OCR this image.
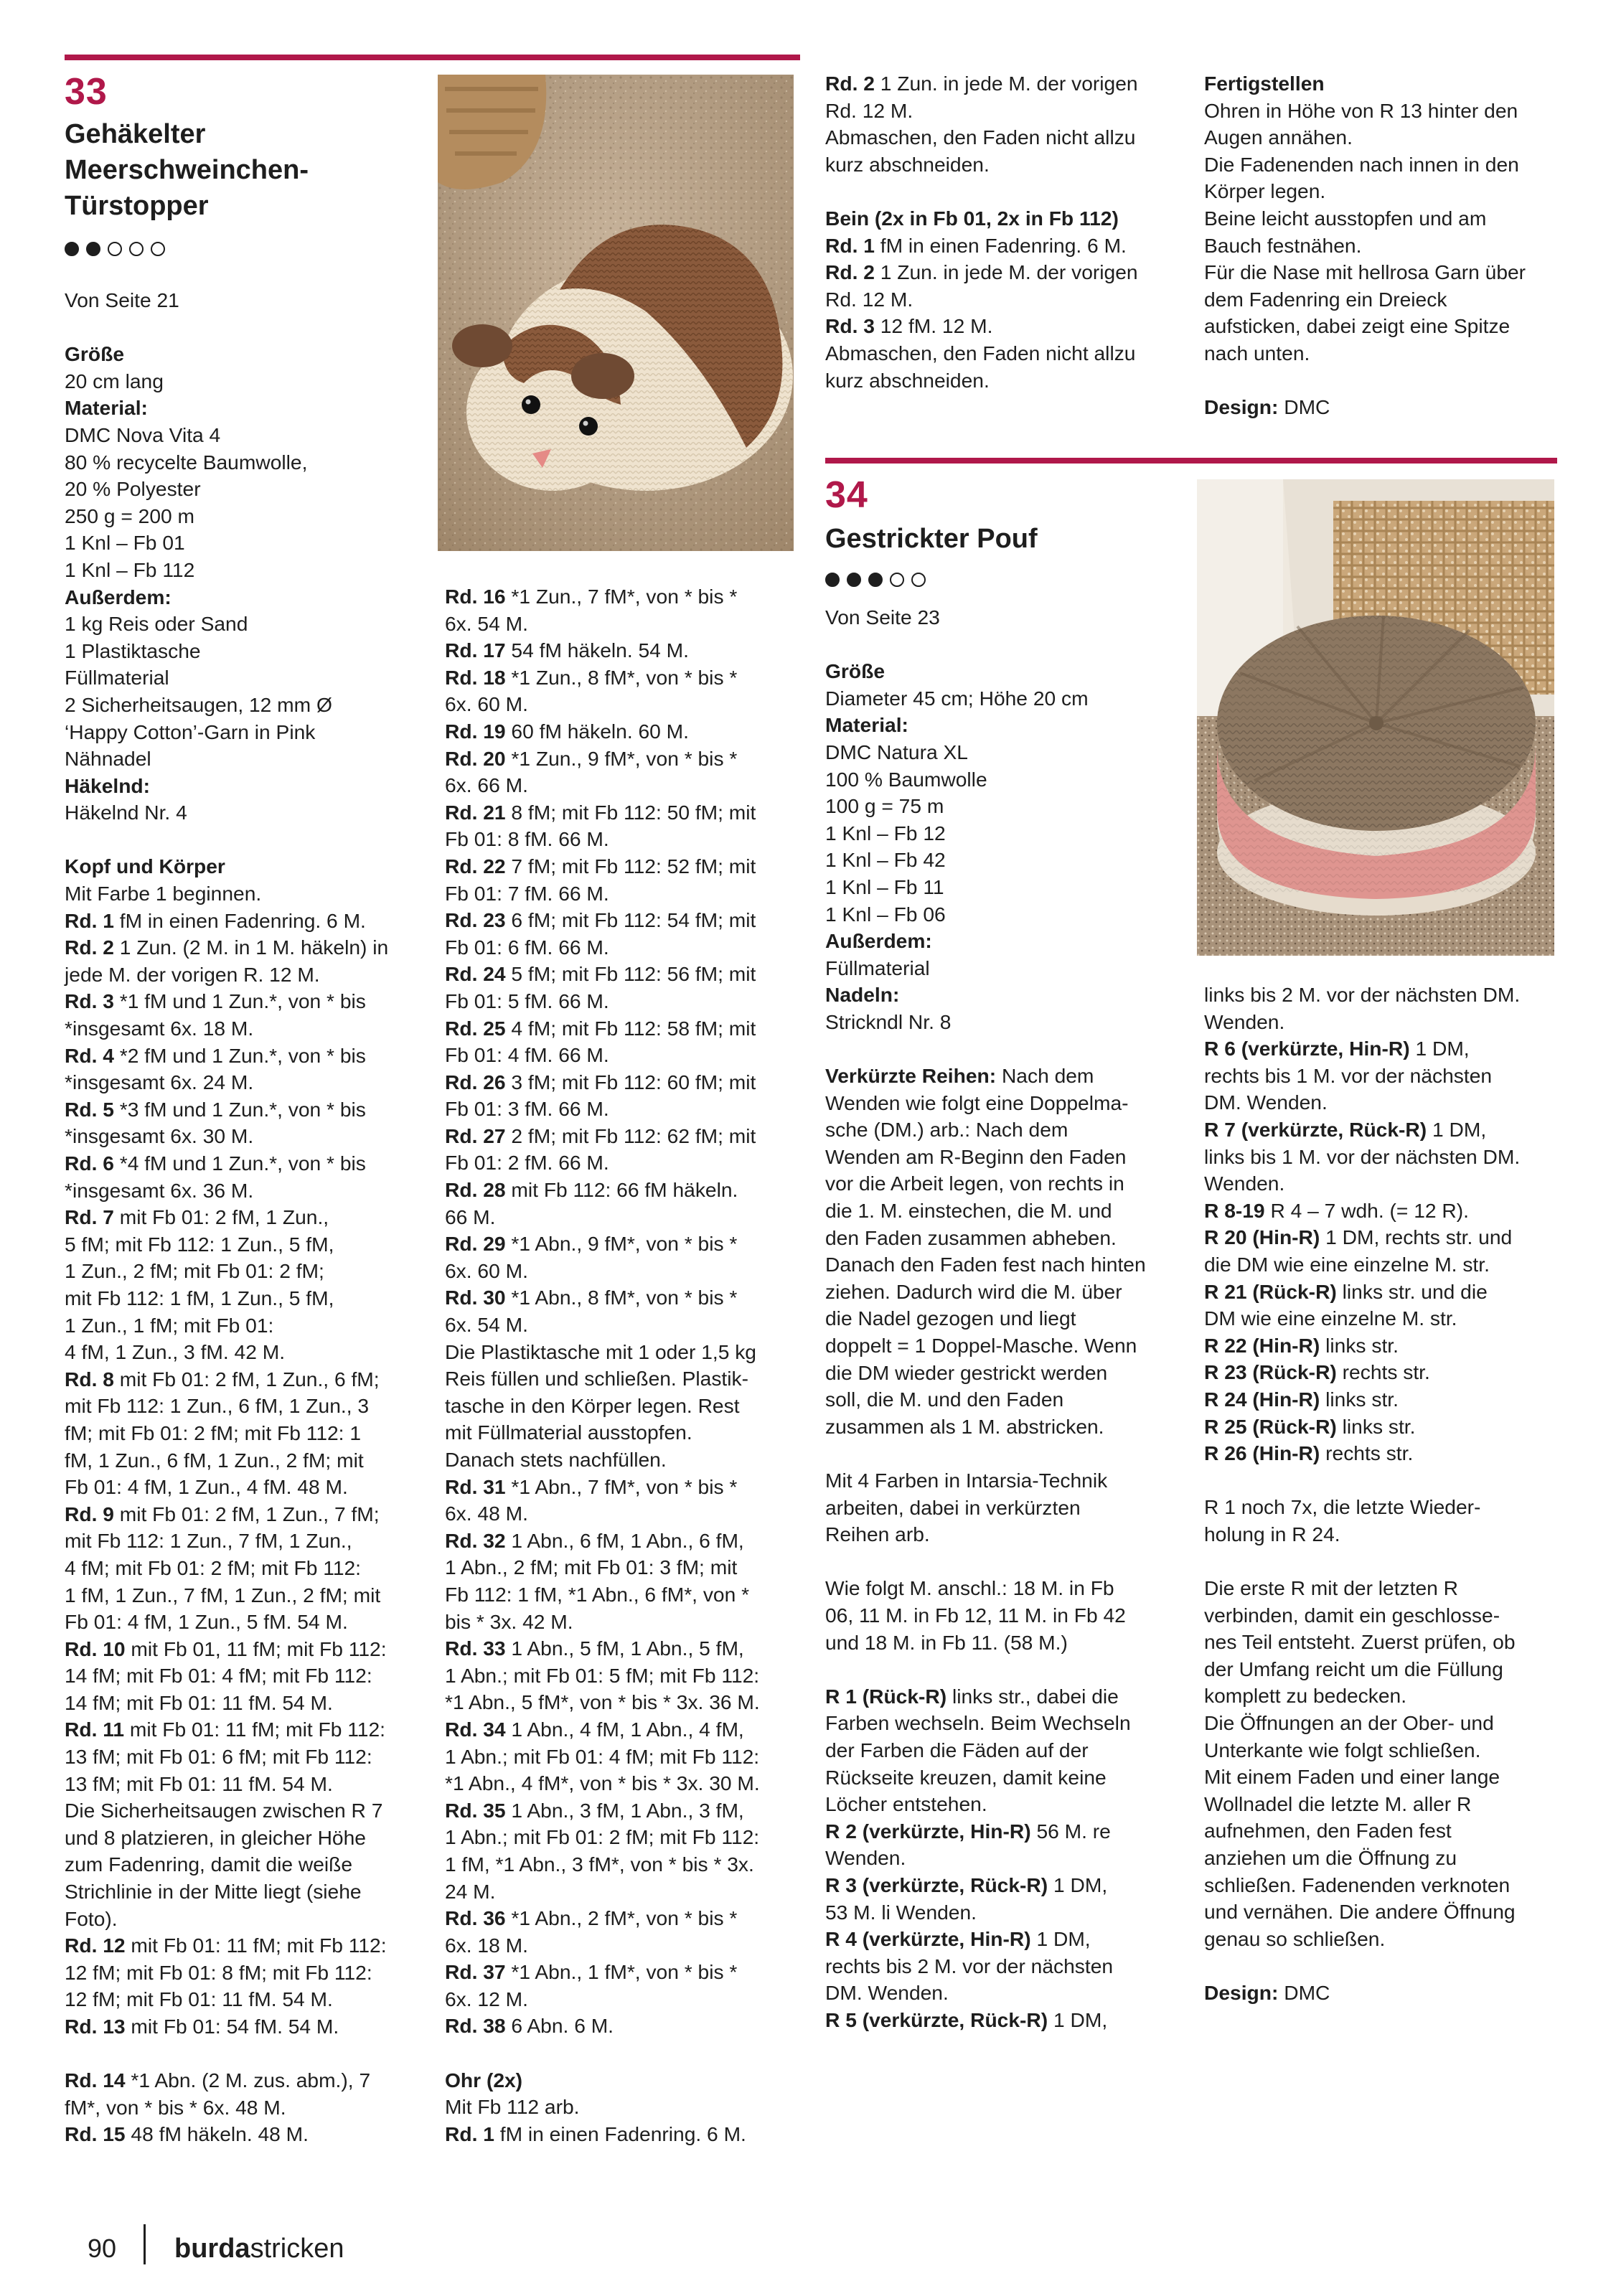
33
Gehäkelter
Meerschweinchen-
Türstopper

Von Seite 21

Größe

20 cm lang

Material:

DMC Nova Vita 4

80 % recycelte Baumwolle,

20 % Polyester

250 g = 200 m

1 Knl – Fb 01

1 Knl – Fb 112

Außerdem:

1 kg Reis oder Sand

1 Plastiktasche

Füllmaterial

2 Sicherheitsaugen, 12 mm Ø

‘Happy Cotton’-Garn in Pink

Nähnadel

Häkelnd:

Häkelnd Nr. 4

Kopf und Körper

Mit Farbe 1 beginnen.

Rd. 1 fM in einen Fadenring. 6 M.

Rd. 2 1 Zun. (2 M. in 1 M. häkeln) in

jede M. der vorigen R. 12 M.

Rd. 3 *1 fM und 1 Zun.*, von * bis

*insgesamt 6x. 18 M.

Rd. 4 *2 fM und 1 Zun.*, von * bis

*insgesamt 6x. 24 M.

Rd. 5 *3 fM und 1 Zun.*, von * bis

*insgesamt 6x. 30 M.

Rd. 6 *4 fM und 1 Zun.*, von * bis

*insgesamt 6x. 36 M.

Rd. 7 mit Fb 01: 2 fM, 1 Zun.,

5 fM; mit Fb 112: 1 Zun., 5 fM,

1 Zun., 2 fM; mit Fb 01: 2 fM;

mit Fb 112: 1 fM, 1 Zun., 5 fM,

1 Zun., 1 fM; mit Fb 01:

4 fM, 1 Zun., 3 fM. 42 M.

Rd. 8 mit Fb 01: 2 fM, 1 Zun., 6 fM;

mit Fb 112: 1 Zun., 6 fM, 1 Zun., 3

fM; mit Fb 01: 2 fM; mit Fb 112: 1

fM, 1 Zun., 6 fM, 1 Zun., 2 fM; mit

Fb 01: 4 fM, 1 Zun., 4 fM. 48 M.

Rd. 9 mit Fb 01: 2 fM, 1 Zun., 7 fM;

mit Fb 112: 1 Zun., 7 fM, 1 Zun.,

4 fM; mit Fb 01: 2 fM; mit Fb 112:

1 fM, 1 Zun., 7 fM, 1 Zun., 2 fM; mit

Fb 01: 4 fM, 1 Zun., 5 fM. 54 M.

Rd. 10 mit Fb 01, 11 fM; mit Fb 112:

14 fM; mit Fb 01: 4 fM; mit Fb 112:

14 fM; mit Fb 01: 11 fM. 54 M.

Rd. 11 mit Fb 01: 11 fM; mit Fb 112:

13 fM; mit Fb 01: 6 fM; mit Fb 112:

13 fM; mit Fb 01: 11 fM. 54 M.

Die Sicherheitsaugen zwischen R 7

und 8 platzieren, in gleicher Höhe

zum Fadenring, damit die weiße

Strichlinie in der Mitte liegt (siehe

Foto).

Rd. 12 mit Fb 01: 11 fM; mit Fb 112:

12 fM; mit Fb 01: 8 fM; mit Fb 112:

12 fM; mit Fb 01: 11 fM. 54 M.

Rd. 13 mit Fb 01: 54 fM. 54 M.

Rd. 14 *1 Abn. (2 M. zus. abm.), 7

fM*, von * bis * 6x. 48 M.

Rd. 15 48 fM häkeln. 48 M.

Rd. 16 *1 Zun., 7 fM*, von * bis *

6x. 54 M.

Rd. 17 54 fM häkeln. 54 M.

Rd. 18 *1 Zun., 8 fM*, von * bis *

6x. 60 M.

Rd. 19 60 fM häkeln. 60 M.

Rd. 20 *1 Zun., 9 fM*, von * bis *

6x. 66 M.

Rd. 21 8 fM; mit Fb 112: 50 fM; mit

Fb 01: 8 fM. 66 M.

Rd. 22 7 fM; mit Fb 112: 52 fM; mit

Fb 01: 7 fM. 66 M.

Rd. 23 6 fM; mit Fb 112: 54 fM; mit

Fb 01: 6 fM. 66 M.

Rd. 24 5 fM; mit Fb 112: 56 fM; mit

Fb 01: 5 fM. 66 M.

Rd. 25 4 fM; mit Fb 112: 58 fM; mit

Fb 01: 4 fM. 66 M.

Rd. 26 3 fM; mit Fb 112: 60 fM; mit

Fb 01: 3 fM. 66 M.

Rd. 27 2 fM; mit Fb 112: 62 fM; mit

Fb 01: 2 fM. 66 M.

Rd. 28 mit Fb 112: 66 fM häkeln.

66 M.

Rd. 29 *1 Abn., 9 fM*, von * bis *

6x. 60 M.

Rd. 30 *1 Abn., 8 fM*, von * bis *

6x. 54 M.

Die Plastiktasche mit 1 oder 1,5 kg

Reis füllen und schließen. Plastik-

tasche in den Körper legen. Rest

mit Füllmaterial ausstopfen.

Danach stets nachfüllen.

Rd. 31 *1 Abn., 7 fM*, von * bis *

6x. 48 M.

Rd. 32 1 Abn., 6 fM, 1 Abn., 6 fM,

1 Abn., 2 fM; mit Fb 01: 3 fM; mit

Fb 112: 1 fM, *1 Abn., 6 fM*, von *

bis * 3x. 42 M.

Rd. 33 1 Abn., 5 fM, 1 Abn., 5 fM,

1 Abn.; mit Fb 01: 5 fM; mit Fb 112:

*1 Abn., 5 fM*, von * bis * 3x. 36 M.

Rd. 34 1 Abn., 4 fM, 1 Abn., 4 fM,

1 Abn.; mit Fb 01: 4 fM; mit Fb 112:

*1 Abn., 4 fM*, von * bis * 3x. 30 M.

Rd. 35 1 Abn., 3 fM, 1 Abn., 3 fM,

1 Abn.; mit Fb 01: 2 fM; mit Fb 112:

1 fM, *1 Abn., 3 fM*, von * bis * 3x.

24 M.

Rd. 36 *1 Abn., 2 fM*, von * bis *

6x. 18 M.

Rd. 37 *1 Abn., 1 fM*, von * bis *

6x. 12 M.

Rd. 38 6 Abn. 6 M.

Ohr (2x)

Mit Fb 112 arb.

Rd. 1 fM in einen Fadenring. 6 M.

Rd. 2 1 Zun. in jede M. der vorigen

Rd. 12 M.

Abmaschen, den Faden nicht allzu

kurz abschneiden.

Bein (2x in Fb 01, 2x in Fb 112)

Rd. 1 fM in einen Fadenring. 6 M.

Rd. 2 1 Zun. in jede M. der vorigen

Rd. 12 M.

Rd. 3 12 fM. 12 M.

Abmaschen, den Faden nicht allzu

kurz abschneiden.

Fertigstellen

Ohren in Höhe von R 13 hinter den

Augen annähen.

Die Fadenenden nach innen in den

Körper legen.

Beine leicht ausstopfen und am

Bauch festnähen.

Für die Nase mit hellrosa Garn über

dem Fadenring ein Dreieck

aufsticken, dabei zeigt eine Spitze

nach unten.

Design: DMC

34
Gestrickter Pouf
90 burdastricken

Von Seite 23

Größe

Diameter 45 cm; Höhe 20 cm

Material:

DMC Natura XL

100 % Baumwolle

100 g = 75 m

1 Knl – Fb 12

1 Knl – Fb 42

1 Knl – Fb 11

1 Knl – Fb 06

Außerdem:

Füllmaterial

Nadeln:

Strickndl Nr. 8

Verkürzte Reihen: Nach dem

Wenden wie folgt eine Doppelma-

sche (DM.) arb.: Nach dem

Wenden am R-Beginn den Faden

vor die Arbeit legen, von rechts in

die 1. M. einstechen, die M. und

den Faden zusammen abheben.

Danach den Faden fest nach hinten

ziehen. Dadurch wird die M. über

die Nadel gezogen und liegt

doppelt = 1 Doppel-Masche. Wenn

die DM wieder gestrickt werden

soll, die M. und den Faden

zusammen als 1 M. abstricken.

Mit 4 Farben in Intarsia-Technik

arbeiten, dabei in verkürzten

Reihen arb.

Wie folgt M. anschl.: 18 M. in Fb

06, 11 M. in Fb 12, 11 M. in Fb 42

und 18 M. in Fb 11. (58 M.)

R 1 (Rück-R) links str., dabei die

Farben wechseln. Beim Wechseln

der Farben die Fäden auf der

Rückseite kreuzen, damit keine

Löcher entstehen.

R 2 (verkürzte, Hin-R) 56 M. re

Wenden.

R 3 (verkürzte, Rück-R) 1 DM,

53 M. li Wenden.

R 4 (verkürzte, Hin-R) 1 DM,

rechts bis 2 M. vor der nächsten

DM. Wenden.

R 5 (verkürzte, Rück-R) 1 DM,

links bis 2 M. vor der nächsten DM.

Wenden.

R 6 (verkürzte, Hin-R) 1 DM,

rechts bis 1 M. vor der nächsten

DM. Wenden.

R 7 (verkürzte, Rück-R) 1 DM,

links bis 1 M. vor der nächsten DM.

Wenden.

R 8-19 R 4 – 7 wdh. (= 12 R).

R 20 (Hin-R) 1 DM, rechts str. und

die DM wie eine einzelne M. str.

R 21 (Rück-R) links str. und die

DM wie eine einzelne M. str.

R 22 (Hin-R) links str.

R 23 (Rück-R) rechts str.

R 24 (Hin-R) links str.

R 25 (Rück-R) links str.

R 26 (Hin-R) rechts str.

R 1 noch 7x, die letzte Wieder-

holung in R 24.

Die erste R mit der letzten R

verbinden, damit ein geschlosse-

nes Teil entsteht. Zuerst prüfen, ob

der Umfang reicht um die Füllung

komplett zu bedecken.

Die Öffnungen an der Ober- und

Unterkante wie folgt schließen.

Mit einem Faden und einer lange

Wollnadel die letzte M. aller R

aufnehmen, den Faden fest

anziehen um die Öffnung zu

schließen. Fadenenden verknoten

und vernähen. Die andere Öffnung

genau so schließen.

Design: DMC
